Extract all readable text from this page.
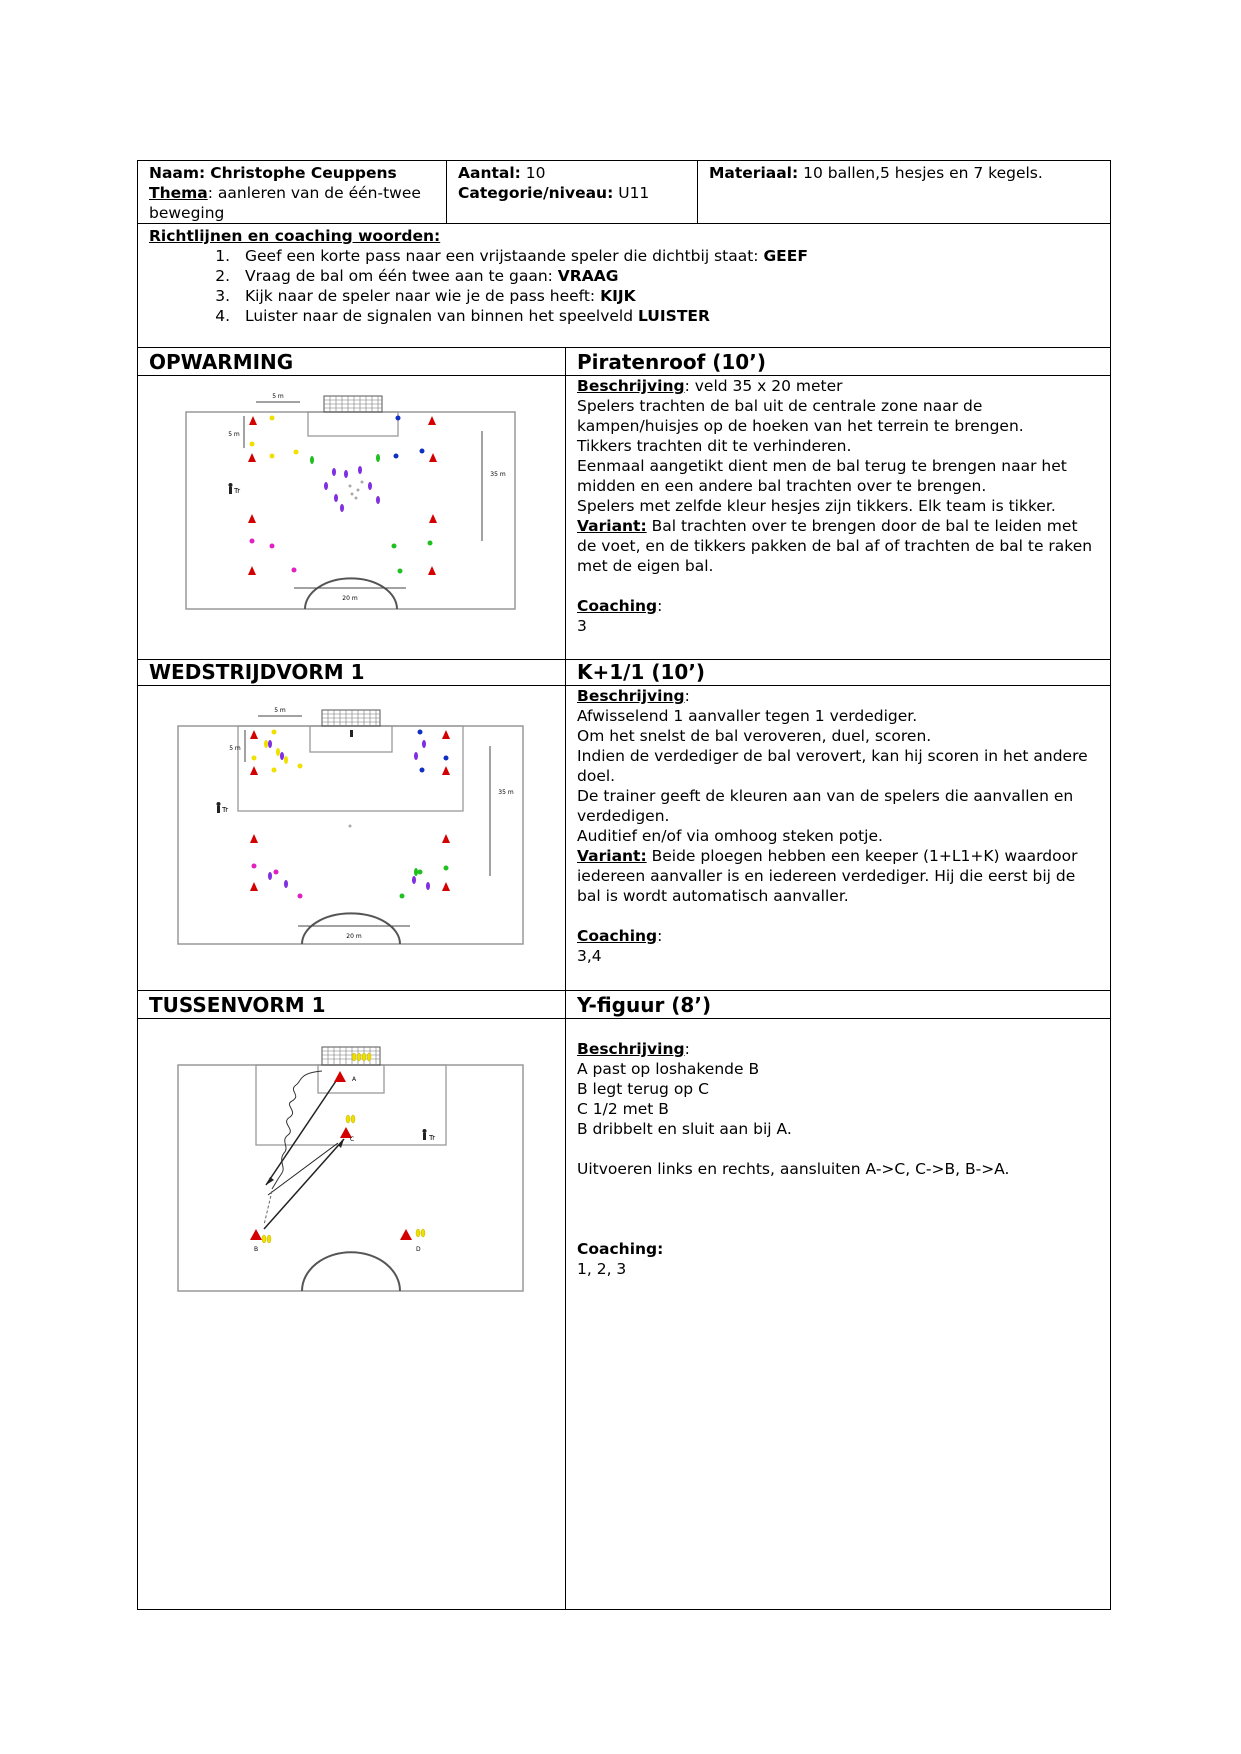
Naam: Christophe Ceuppens
Thema: aanleren van de één-twee beweging
Aantal: 10
Categorie/niveau: U11
Materiaal: 10 ballen,5 hesjes en 7 kegels.
Richtlijnen en coaching woorden:
1. Geef een korte pass naar een vrijstaande speler die dichtbij staat: GEEF
2. Vraag de bal om één twee aan te gaan: VRAAG
3. Kijk naar de speler naar wie je de pass heeft: KIJK
4. Luister naar de signalen van binnen het speelveld LUISTER
OPWARMING	Piratenroof (10’)
5 m
5 m
35 m
20 m
Tr

Beschrijving: veld 35 x 20 meter

Spelers trachten de bal uit de centrale zone naar de kampen/huisjes op de hoeken van het terrein te brengen.

Tikkers trachten dit te verhinderen.

Eenmaal aangetikt dient men de bal terug te brengen naar het midden en een andere bal trachten over te brengen.

Spelers met zelfde kleur hesjes zijn tikkers. Elk team is tikker.

Variant: Bal trachten over te brengen door de bal te leiden met de voet, en de tikkers pakken de bal af of trachten de bal te raken met de eigen bal.

Coaching:

3

WEDSTRIJDVORM 1	K+1/1 (10’)
5 m
5 m
35 m
20 m
Tr

Beschrijving:

Afwisselend 1 aanvaller tegen 1 verdediger.

Om het snelst de bal veroveren, duel, scoren.

Indien de verdediger de bal verovert, kan hij scoren in het andere doel.

De trainer geeft de kleuren aan van de spelers die aanvallen en verdedigen.

Auditief en/of via omhoog steken potje.

Variant: Beide ploegen hebben een keeper (1+L1+K) waardoor iedereen aanvaller is en iedereen verdediger. Hij die eerst bij de bal is wordt automatisch aanvaller.

Coaching:

3,4

TUSSENVORM 1	Y-figuur (8’)
A
B
C
D
Tr

Beschrijving:

A past op loshakende B

B legt terug op C

C 1/2 met B

B dribbelt en sluit aan bij A.

Uitvoeren links en rechts, aansluiten A->C, C->B, B->A.

Coaching:

1, 2, 3
